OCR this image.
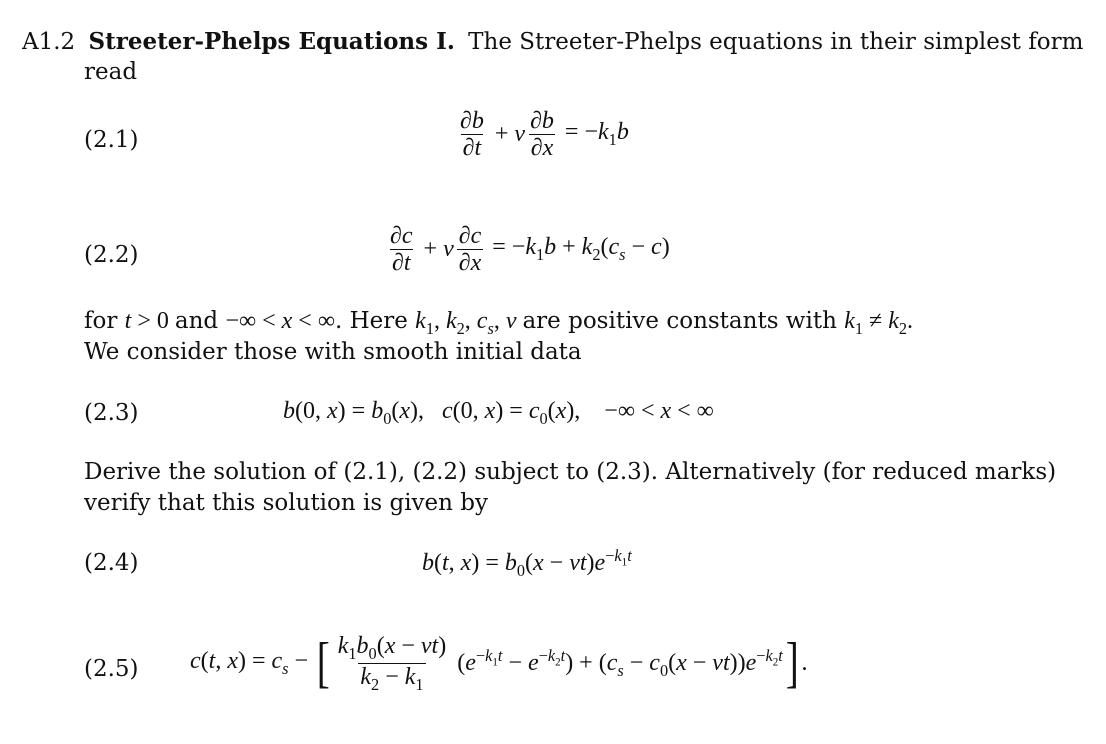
A1.2 Streeter-Phelps Equations I. The Streeter-Phelps equations in their simplest form
read
(2.1)	$\frac{\partial b}{\partial t} + v \frac{\partial b}{\partial x} = -k_1b$
(2.2)	$\frac{\partial c}{\partial t} + v \frac{\partial c}{\partial x} = -k_1b + k_2(c_s - c)$
for t > 0 and −∞ < x < ∞. Here $k_1$, $k_2$, $c_s$, v are positive constants with $k_1 \ne k_2$.
We consider those with smooth initial data
(2.3)	b(0, $x) = b_0(x)$,   c(0, $x) = c_0(x)$,    −∞ < x < ∞
Derive the solution of (2.1), (2.2) subject to (2.3). Alternatively (for reduced marks)
verify that this solution is given by
(2.4)	b(t, $x) = b_0(x - vt)e^{-k_1t}$
(2.5) c(t, $x) = c_s$ − [ $\frac{k_1b_0(x - vt)}{k_2 - k_1} (e^{-k_1t} - e^{-k_2t}) + (c_s - c_0(x - vt))e^{-k_2t}$ ] .
